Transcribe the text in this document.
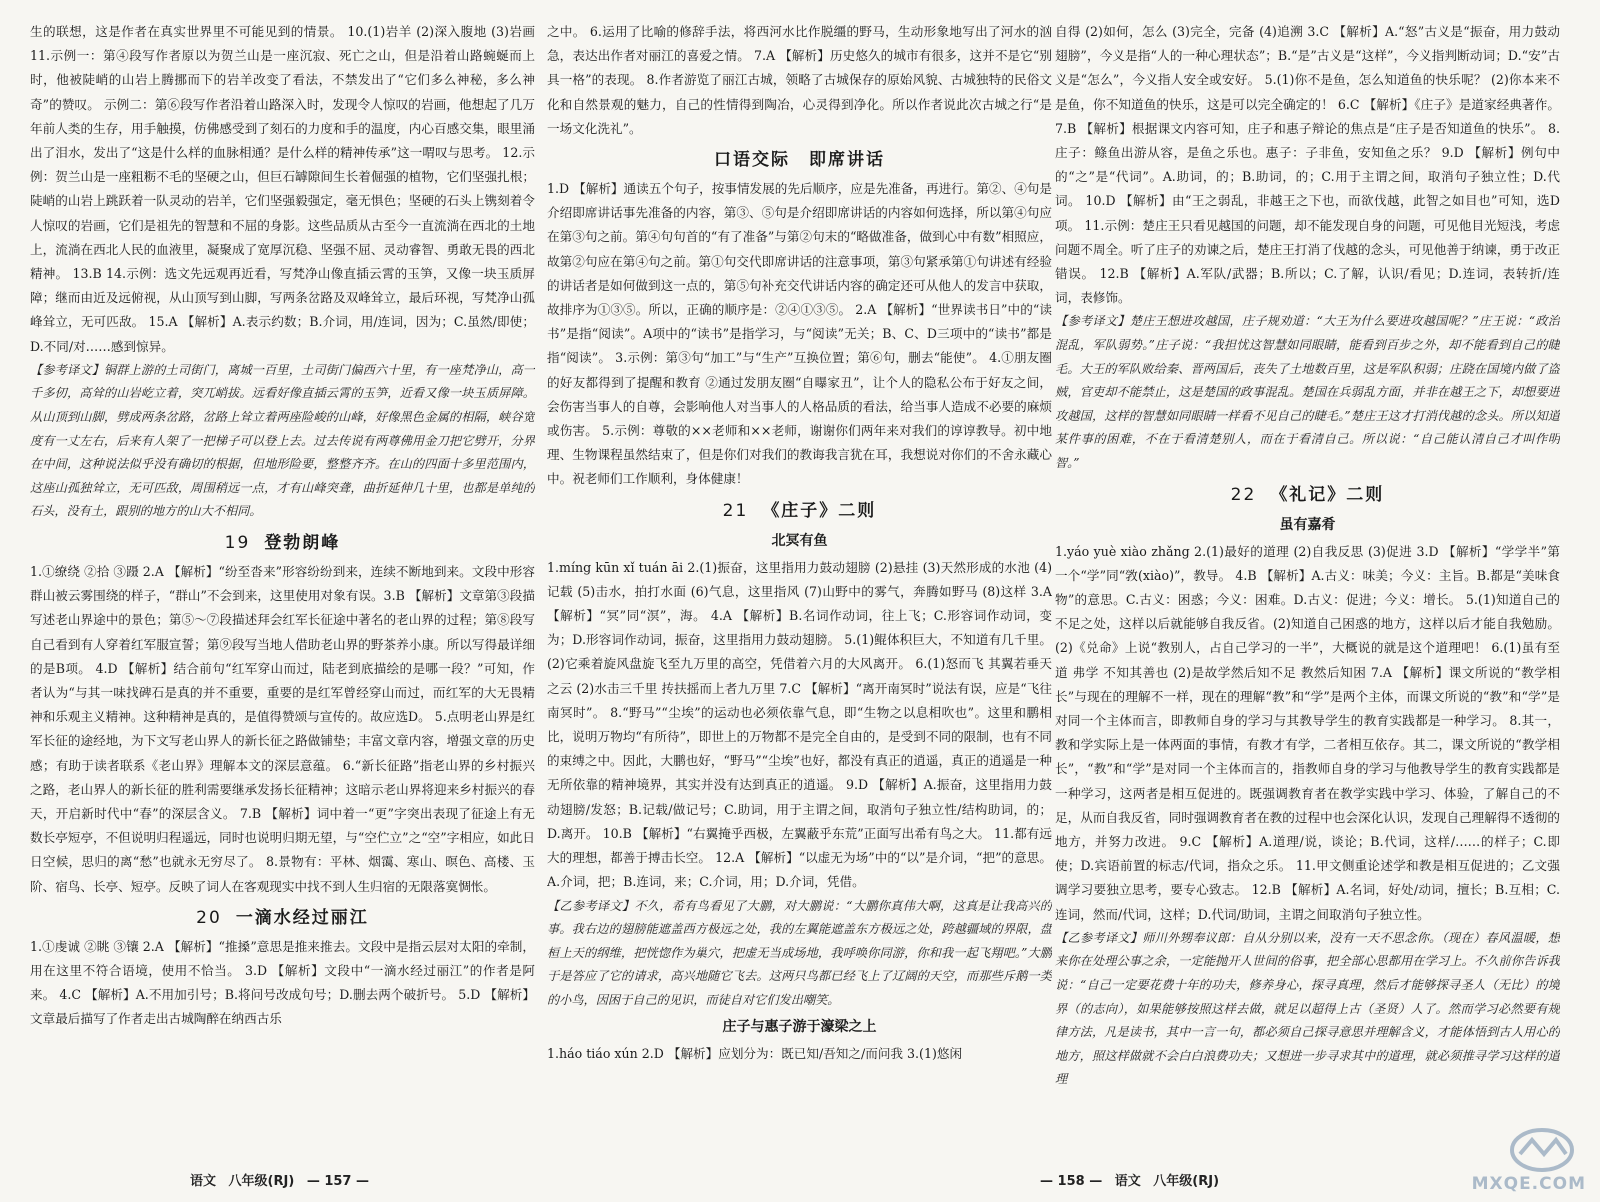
生的联想，这是作者在真实世界里不可能见到的情景。 10.(1)岩羊 (2)深入腹地 (3)岩画 11.示例一：第④段写作者原以为贺兰山是一座沉寂、死亡之山，但是沿着山路蜿蜒而上时，他被陡峭的山岩上腾挪而下的岩羊改变了看法，不禁发出了“它们多么神秘，多么神奇”的赞叹。 示例二：第⑥段写作者沿着山路深入时，发现令人惊叹的岩画，他想起了几万年前人类的生存，用手触摸，仿佛感受到了刻石的力度和手的温度，内心百感交集，眼里涌出了泪水，发出了“这是什么样的血脉相通？是什么样的精神传承”这一喟叹与思考。 12.示例：贺兰山是一座粗粝不毛的坚硬之山，但巨石罅隙间生长着倔强的植物，它们坚强扎根；陡峭的山岩上跳跃着一队灵动的岩羊，它们坚强毅强定，毫无惧色；坚硬的石头上镌刻着令人惊叹的岩画，它们是祖先的智慧和不屈的身影。这些品质从古至今一直流淌在西北的土地上，流淌在西北人民的血液里，凝聚成了宽厚沉稳、坚强不屈、灵动睿智、勇敢无畏的西北精神。 13.B 14.示例：选文先远观再近看，写梵净山像直插云霄的玉笋，又像一块玉质屏障；继而由近及远俯视，从山顶写到山脚，写两条岔路及双峰耸立，最后环视，写梵净山孤峰耸立，无可匹敌。 15.A 【解析】A.表示约数；B.介词，用/连词，因为；C.虽然/即使；D.不同/对……感到惊异。

【参考译文】铜群上游的土司街门，离城一百里，土司街门偏西六十里，有一座梵净山，高一千多仞，高耸的山岩屹立着，突兀峭拔。远看好像直插云霄的玉笋，近看又像一块玉质屏障。从山顶到山脚，劈成两条岔路，岔路上耸立着两座险峻的山峰，好像黑色金属的相隔，峡谷宽度有一丈左右，后来有人架了一把梯子可以登上去。过去传说有两尊佛用金刀把它劈开，分界在中间，这种说法似乎没有确切的根据，但地形险要，整整齐齐。在山的四面十多里范围内，这座山孤独耸立，无可匹敌，周围稍远一点，才有山峰突聋，曲折延伸几十里，也都是单纯的石头，没有土，跟别的地方的山大不相同。

19 登勃朗峰

1.①缭绕 ②拾 ③蹑 2.A 【解析】“纷至沓来”形容纷纷到来，连续不断地到来。文段中形容群山被云雾围绕的样子，“群山”不会到来，这里使用对象有误。3.B 【解析】文章第③段描写述老山界途中的景色；第⑤～⑦段描述拜会红军长征途中著名的老山界的过程；第⑧段写自己看到有人穿着红军服宣誓；第⑨段写当地人借助老山界的野茶养小康。所以写得最详细的是B项。 4.D 【解析】结合前句“红军穿山而过，陆老到底描绘的是哪一段？”可知，作者认为“与其一味找碑石是真的并不重要，重要的是红军曾经穿山而过，而红军的大无畏精神和乐观主义精神。这种精神是真的，是值得赞颂与宣传的。故应选D。 5.点明老山界是红军长征的途经地，为下文写老山界人的新长征之路做铺垫；丰富文章内容，增强文章的历史感；有助于读者联系《老山界》理解本文的深层意蕴。 6.“新长征路”指老山界的乡村振兴之路，老山界人的新长征的胜利需要继承发扬长征精神；这暗示老山界将迎来乡村振兴的春天，开启新时代中“春”的深层含义。 7.B 【解析】词中着一“更”字突出表现了征途上有无数长亭短亭，不但说明归程遥远，同时也说明归期无望，与“空伫立”之“空”字相应，如此日日空候，思归的离“愁”也就永无穷尽了。 8.景物有：平林、烟霭、寒山、暝色、高楼、玉阶、宿鸟、长亭、短亭。反映了词人在客观现实中找不到人生归宿的无限落寞惆怅。

20 一滴水经过丽江

1.①虔诚 ②眺 ③镶 2.A 【解析】“推搡”意思是推来推去。文段中是指云层对太阳的牵制，用在这里不符合语境，使用不恰当。 3.D 【解析】文段中“一滴水经过丽江”的作者是阿来。 4.C 【解析】A.不用加引号；B.将问号改成句号；D.删去两个破折号。 5.D 【解析】文章最后描写了作者走出古城陶醉在纳西古乐

之中。 6.运用了比喻的修辞手法，将西河水比作脱缰的野马，生动形象地写出了河水的汹急，表达出作者对丽江的喜爱之情。 7.A 【解析】历史悠久的城市有很多，这并不是它“别具一格”的表现。 8.作者游览了丽江古城，领略了古城保存的原始风貌、古城独特的民俗文化和自然景观的魅力，自己的性情得到陶冶，心灵得到净化。所以作者说此次古城之行“是一场文化洗礼”。

口语交际　即席讲话

1.D 【解析】通读五个句子，按事情发展的先后顺序，应是先准备，再进行。第②、④句是介绍即席讲话事先准备的内容，第③、⑤句是介绍即席讲话的内容如何选择，所以第④句应在第③句之前。第④句句首的“有了准备”与第②句末的“略做准备，做到心中有数”相照应，故第②句应在第④句之前。第①句交代即席讲话的注意事项，第③句紧承第①句讲述有经验的讲话者是如何做到这一点的，第⑤句补充交代讲话内容的确定还可从他人的发言中获取，故排序为①③⑤。所以，正确的顺序是：②④①③⑤。 2.A 【解析】“世界读书日”中的“读书”是指“阅读”。A项中的“读书”是指学习，与“阅读”无关；B、C、D三项中的“读书”都是指“阅读”。 3.示例：第③句“加工”与“生产”互换位置；第⑥句，删去“能使”。 4.①朋友圈的好友都得到了提醒和教育 ②通过发朋友圈“自曝家丑”，让个人的隐私公布于好友之间，会伤害当事人的自尊，会影响他人对当事人的人格品质的看法，给当事人造成不必要的麻烦或伤害。 5.示例：尊敬的××老师和××老师，谢谢你们两年来对我们的谆谆教导。初中地理、生物课程虽然结束了，但是你们对我们的教诲我言犹在耳，我想说对你们的不舍永藏心中。祝老师们工作顺利，身体健康！

21 《庄子》二则
北冥有鱼

1.míng kūn xǐ tuán āi 2.(1)振奋，这里指用力鼓动翅膀 (2)悬挂 (3)天然形成的水池 (4)记载 (5)击水，拍打水面 (6)气息，这里指风 (7)山野中的雾气，奔腾如野马 (8)这样 3.A 【解析】“冥”同“溟”，海。 4.A 【解析】B.名词作动词，往上飞；C.形容词作动词，变为；D.形容词作动词，振奋，这里指用力鼓动翅膀。 5.(1)鲲体积巨大，不知道有几千里。(2)它乘着旋风盘旋飞至九万里的高空，凭借着六月的大风离开。 6.(1)怒而飞 其翼若垂天之云 (2)水击三千里 抟扶摇而上者九万里 7.C 【解析】“离开南冥时”说法有误，应是“飞往南冥时”。 8.“野马”“尘埃”的运动也必须依靠气息，即“生物之以息相吹也”。这里和鹏相比，说明万物均“有所待”，即世上的万物都不是完全自由的，是受到不同的限制，也有不同的束缚之中。因此，大鹏也好，“野马”“尘埃”也好，都没有真正的逍遥，真正的逍遥是一种无所依靠的精神境界，其实并没有达到真正的逍遥。 9.D 【解析】A.振奋，这里指用力鼓动翅膀/发怒；B.记载/做记号；C.助词，用于主谓之间，取消句子独立性/结构助词，的；D.离开。 10.B 【解析】“右翼掩乎西极，左翼蔽乎东荒”正面写出希有鸟之大。 11.都有远大的理想，都善于搏击长空。 12.A 【解析】“以虚无为场”中的“以”是介词，“把”的意思。A.介词，把；B.连词，来；C.介词，用；D.介词，凭借。

【乙参考译文】不久，希有鸟看见了大鹏，对大鹏说：“大鹏你真伟大啊，这真是让我高兴的事。我右边的翅膀能遮盖西方极远之处，我的左翼能遮盖东方极远之处，跨越疆域的界限，盘桓上天的纲维，把恍惚作为巢穴，把虚无当成场地，我呼唤你同游，你和我一起飞翔吧。”大鹏于是答应了它的请求，高兴地随它飞去。这两只鸟都已经飞上了辽阔的天空，而那些斥鹅一类的小鸟，因困于自己的见识，而徒自对它们发出嘲笑。

庄子与惠子游于濠梁之上

1.háo tiáo xún 2.D 【解析】应划分为：既已知/吾知之/而问我 3.(1)悠闲

自得 (2)如何，怎么 (3)完全，完备 (4)追溯 3.C 【解析】A.“怒”古义是“振奋，用力鼓动翅膀”，今义是指“人的一种心理状态”；B.“是”古义是“这样”，今义指判断动词；D.“安”古义是“怎么”，今义指人安全或安好。 5.(1)你不是鱼，怎么知道鱼的快乐呢？ (2)你本来不是鱼，你不知道鱼的快乐，这是可以完全确定的！ 6.C 【解析】《庄子》是道家经典著作。 7.B 【解析】根据课文内容可知，庄子和惠子辩论的焦点是“庄子是否知道鱼的快乐”。 8.庄子：鲦鱼出游从容，是鱼之乐也。惠子：子非鱼，安知鱼之乐？ 9.D 【解析】例句中的“之”是“代词”。A.助词，的；B.助词，的；C.用于主谓之间，取消句子独立性；D.代词。 10.D 【解析】由“王之弱乱，非越王之下也，而欲伐越，此智之如目也”可知，选D项。 11.示例：楚庄王只看见越国的问题，却不能发现自身的问题，可见他目光短浅，考虑问题不周全。听了庄子的劝谏之后，楚庄王打消了伐越的念头，可见他善于纳谏，勇于改正错误。 12.B 【解析】A.军队/武器；B.所以；C.了解，认识/看见；D.连词，表转折/连词，表修饰。

【参考译文】楚庄王想进攻越国，庄子规劝道：“大王为什么要进攻越国呢？”庄王说：“政治混乱，军队弱势。”庄子说：“我担忧这智慧如同眼睛，能看到百步之外，却不能看到自己的睫毛。大王的军队败给秦、晋两国后，丧失了土地数百里，这是军队积弱；庄跷在国境内做了盗贼，官吏却不能禁止，这是楚国的政事混乱。楚国在兵弱乱方面，并非在越王之下，却想要进攻越国，这样的智慧如同眼睛一样看不见自己的睫毛。”楚庄王这才打消伐越的念头。所以知道某件事的困难，不在于看清楚别人，而在于看清自己。所以说：“自己能认清自己才叫作明智。”

22 《礼记》二则
虽有嘉肴

1.yáo yuè xiào zhǎng 2.(1)最好的道理 (2)自我反思 (3)促进 3.D 【解析】“学学半”第一个“学”同“敩(xiào)”，教导。 4.B 【解析】A.古义：味美；今义：主旨。B.都是“美味食物”的意思。C.古义：困惑；今义：困难。D.古义：促进；今义：增长。 5.(1)知道自己的不足之处，这样以后就能够自我反省。(2)知道自己困惑的地方，这样以后才能自我勉励。 (2)《兑命》上说“教别人，占自己学习的一半”，大概说的就是这个道理吧！ 6.(1)虽有至道 弗学 不知其善也 (2)是故学然后知不足 教然后知困 7.A 【解析】课文所说的“教学相长”与现在的理解不一样，现在的理解“教”和“学”是两个主体，而课文所说的“教”和“学”是对同一个主体而言，即教师自身的学习与其教导学生的教育实践都是一种学习。 8.其一，教和学实际上是一体两面的事情，有教才有学，二者相互依存。其二，课文所说的“教学相长”，“教”和“学”是对同一个主体而言的，指教师自身的学习与他教导学生的教育实践都是一种学习，这两者是相互促进的。既强调教育者在教学实践中学习、体验，了解自己的不足，从而自我反省，同时强调教育者在教的过程中也会深化认识，发现自己理解得不透彻的地方，并努力改进。 9.C 【解析】A.道理/说，谈论；B.代词，这样/……的样子；C.即使；D.宾语前置的标志/代词，指众之乐。 11.甲文侧重论述学和教是相互促进的；乙文强调学习要独立思考，要专心致志。 12.B 【解析】A.名词，好处/动词，擅长；B.互相；C.连词，然而/代词，这样；D.代词/助词，主谓之间取消句子独立性。

【乙参考译文】师川外甥奉议郎：自从分别以来，没有一天不思念你。（现在）春风温暖，想来你在处理公事之余，一定能抛开人世间的俗事，把全部心思都用在学习上。不久前你告诉我说：“自己一定要花费十年的功夫，修养身心，探寻真理，然后才能够探寻圣人（无比）的境界（的志向），如果能够按照这样去做，就足以超得上古（圣贤）人了。然而学习必然要有规律方法，凡是读书，其中一言一句，都必须自己探寻意思并理解含义，才能体悟到古人用心的地方，照这样做就不会白白浪费功夫；又想进一步寻求其中的道理，就必须推寻学习这样的道理

语文 八年级(RJ) — 157 —	— 158 — 语文 八年级(RJ)	MXQE.COM
